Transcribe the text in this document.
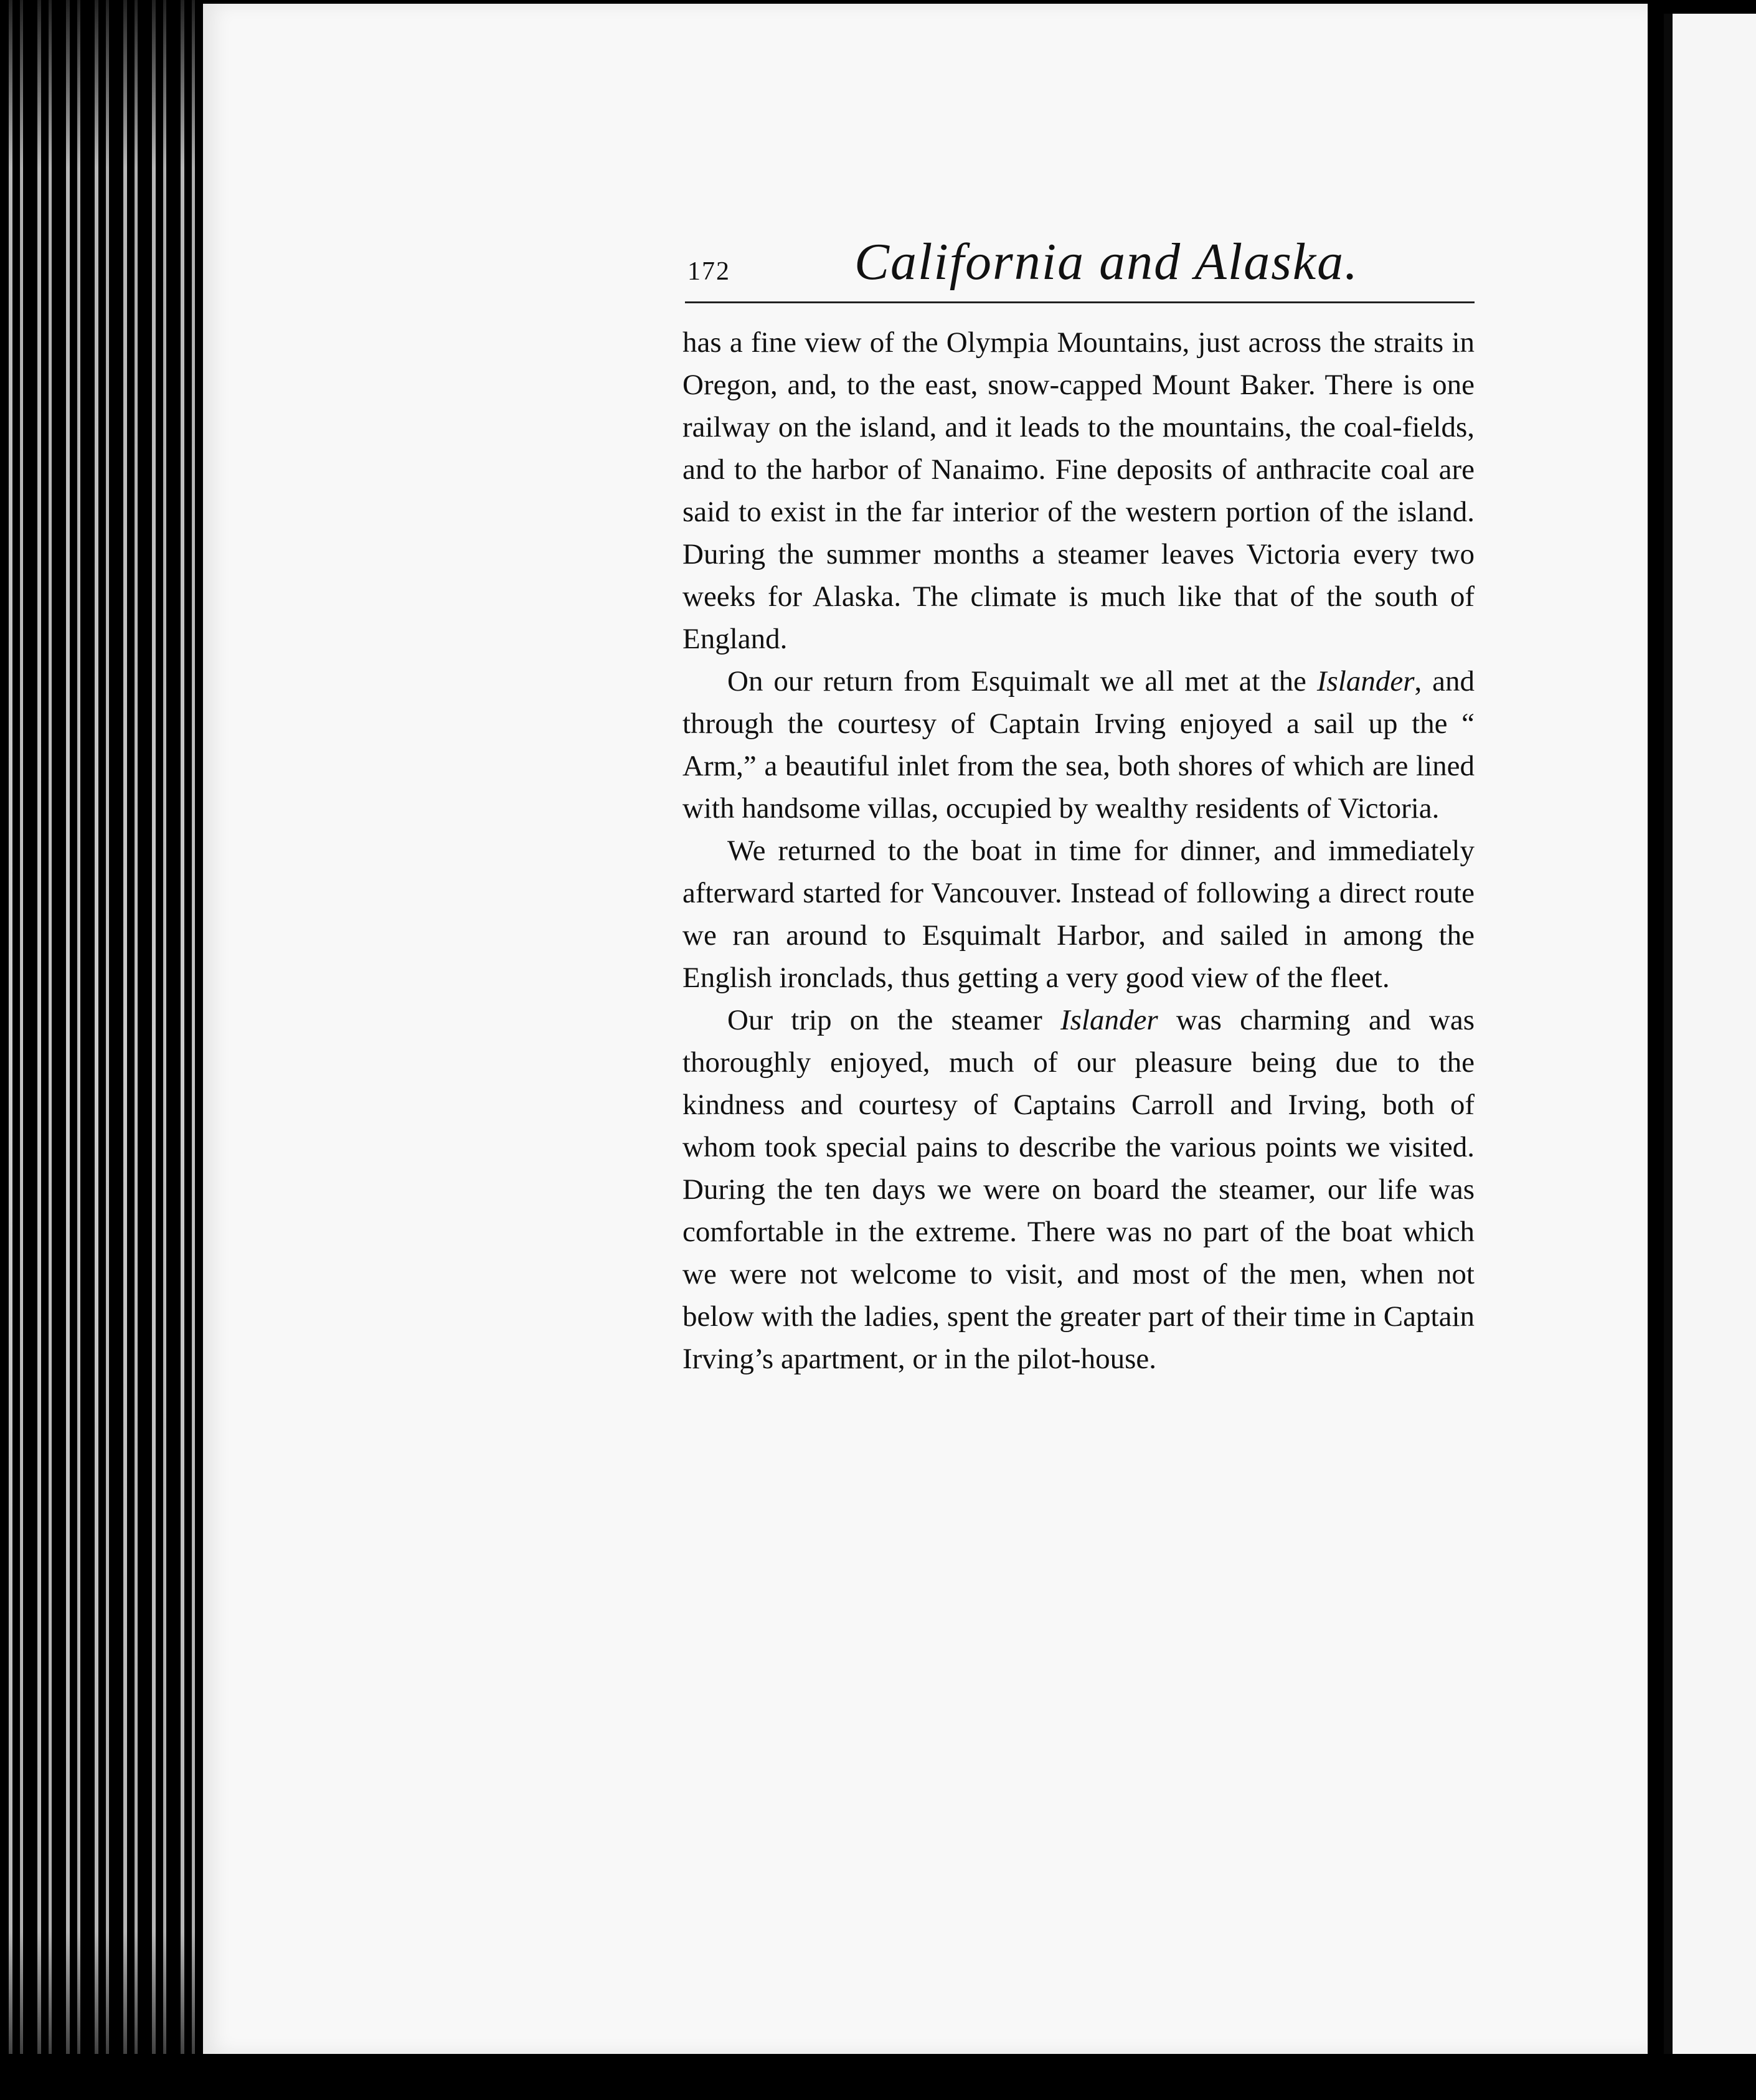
172 California and Alaska.

has a fine view of the Olympia Mountains, just across the straits in Oregon, and, to the east, snow-capped Mount Baker. There is one railway on the island, and it leads to the mountains, the coal-fields, and to the harbor of Nanaimo. Fine deposits of anthracite coal are said to exist in the far interior of the western portion of the island. During the summer months a steamer leaves Victoria every two weeks for Alaska. The climate is much like that of the south of England.

On our return from Esquimalt we all met at the Islander, and through the courtesy of Captain Irving enjoyed a sail up the “ Arm,” a beautiful inlet from the sea, both shores of which are lined with handsome villas, occupied by wealthy residents of Victoria.

We returned to the boat in time for dinner, and immediately afterward started for Vancouver. Instead of following a direct route we ran around to Esquimalt Harbor, and sailed in among the English ironclads, thus getting a very good view of the fleet.

Our trip on the steamer Islander was charming and was thoroughly enjoyed, much of our pleasure being due to the kindness and courtesy of Captains Carroll and Irving, both of whom took special pains to describe the various points we visited. During the ten days we were on board the steamer, our life was comfortable in the extreme. There was no part of the boat which we were not welcome to visit, and most of the men, when not below with the ladies, spent the greater part of their time in Captain Irving’s apartment, or in the pilot-house.
